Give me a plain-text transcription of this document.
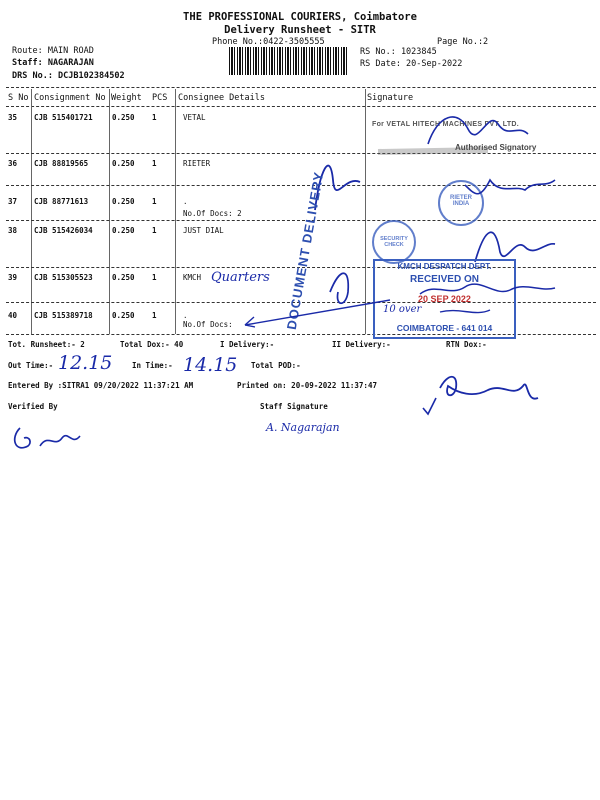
THE PROFESSIONAL COURIERS, Coimbatore
Delivery Runsheet - SITR
Phone No.:0422-3505555	Page No.:2
Route: MAIN ROAD
Staff: NAGARAJAN
DRS No.: DCJB102384502
RS No.: 1023845
RS Date: 20-Sep-2022
S No Consignment No Weight PCS Consignee Details	Signature
35 CJB 515401721	0.250 1	VETAL
36 CJB 88819565	0.250 1	RIETER
37 CJB 88771613	0.250 1	.
No.Of Docs: 2
38 CJB 515426034	0.250 1	JUST DIAL
39 CJB 515305523	0.250 1	KMCH Quarters
40 CJB 515389718	0.250 1	.
No.Of Docs:
Tot. Runsheet:- 2	Total Dox:- 40	I Delivery:-	II Delivery:-	RTN Dox:-
Out Time:- 12.15	In Time:- 14.15 Total POD:-
Entered By :SITRA1 09/20/2022 11:37:21 AM	Printed on: 20-09-2022 11:37:47
Verified By	Staff Signature
A. Nagarajan
For VETAL HITECH MACHINES PVT. LTD.
Authorised Signatory
RIETER INDIA
DOCUMENT DELIVERY	SECURITY CHECK
KMCH DESPATCH DEPT.
RECEIVED ON
20 SEP 2022
COIMBATORE - 641 014
10 over
